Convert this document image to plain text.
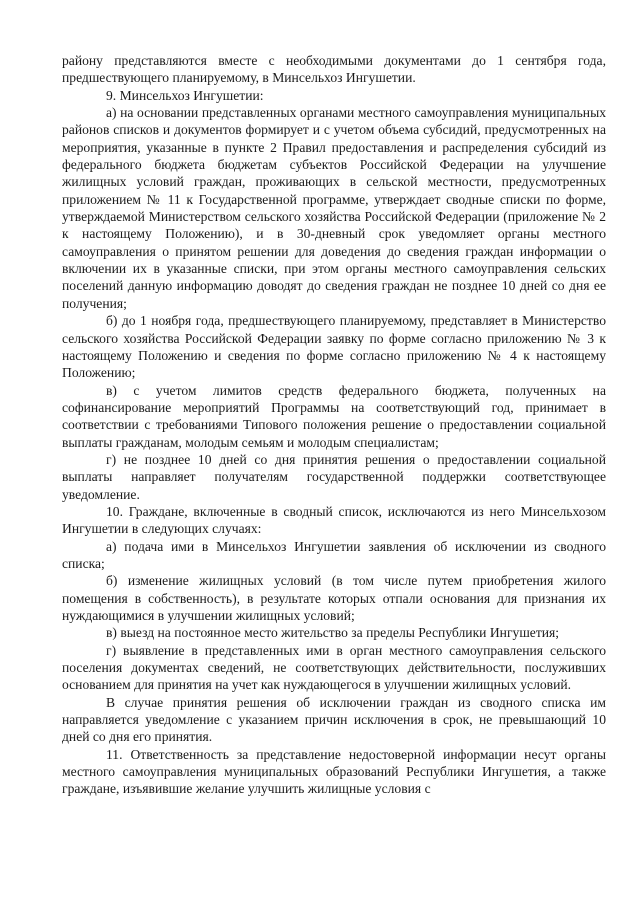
району представляются вместе с необходимыми документами до 1 сентября года, предшествующего планируемому, в Минсельхоз Ингушетии.

9. Минсельхоз Ингушетии:

а) на основании представленных органами местного самоуправления муниципальных районов списков и документов формирует и с учетом объема субсидий, предусмотренных на мероприятия, указанные в пункте 2 Правил предоставления и распределения субсидий из федерального бюджета бюджетам субъектов Российской Федерации на улучшение жилищных условий граждан, проживающих в сельской местности, предусмотренных приложением № 11 к Государственной программе, утверждает сводные списки по форме, утверждаемой Министерством сельского хозяйства Российской Федерации (приложение № 2 к настоящему Положению), и в 30-дневный срок уведомляет органы местного самоуправления о принятом решении для доведения до сведения граждан информации о включении их в указанные списки, при этом органы местного самоуправления сельских поселений данную информацию доводят до сведения граждан не позднее 10 дней со дня ее получения;

б) до 1 ноября года, предшествующего планируемому, представляет в Министерство сельского хозяйства Российской Федерации заявку по форме согласно приложению № 3 к настоящему Положению и сведения по форме согласно приложению № 4 к настоящему Положению;

в) с учетом лимитов средств федерального бюджета, полученных на софинансирование мероприятий Программы на соответствующий год, принимает в соответствии с требованиями Типового положения решение о предоставлении социальной выплаты гражданам, молодым семьям и молодым специалистам;

г) не позднее 10 дней со дня принятия решения о предоставлении социальной выплаты направляет получателям государственной поддержки соответствующее уведомление.

10. Граждане, включенные в сводный список, исключаются из него Минсельхозом Ингушетии в следующих случаях:

а) подача ими в Минсельхоз Ингушетии заявления об исключении из сводного списка;

б) изменение жилищных условий (в том числе путем приобретения жилого помещения в собственность), в результате которых отпали основания для признания их нуждающимися в улучшении жилищных условий;

в) выезд на постоянное место жительство за пределы Республики Ингушетия;

г) выявление в представленных ими в орган местного самоуправления сельского поселения документах сведений, не соответствующих действительности, послуживших основанием для принятия на учет как нуждающегося в улучшении жилищных условий.

В случае принятия решения об исключении граждан из сводного списка им направляется уведомление с указанием причин исключения в срок, не превышающий 10 дней со дня его принятия.

11. Ответственность за представление недостоверной информации несут органы местного самоуправления муниципальных образований Республики Ингушетия, а также граждане, изъявившие желание улучшить жилищные условия с
